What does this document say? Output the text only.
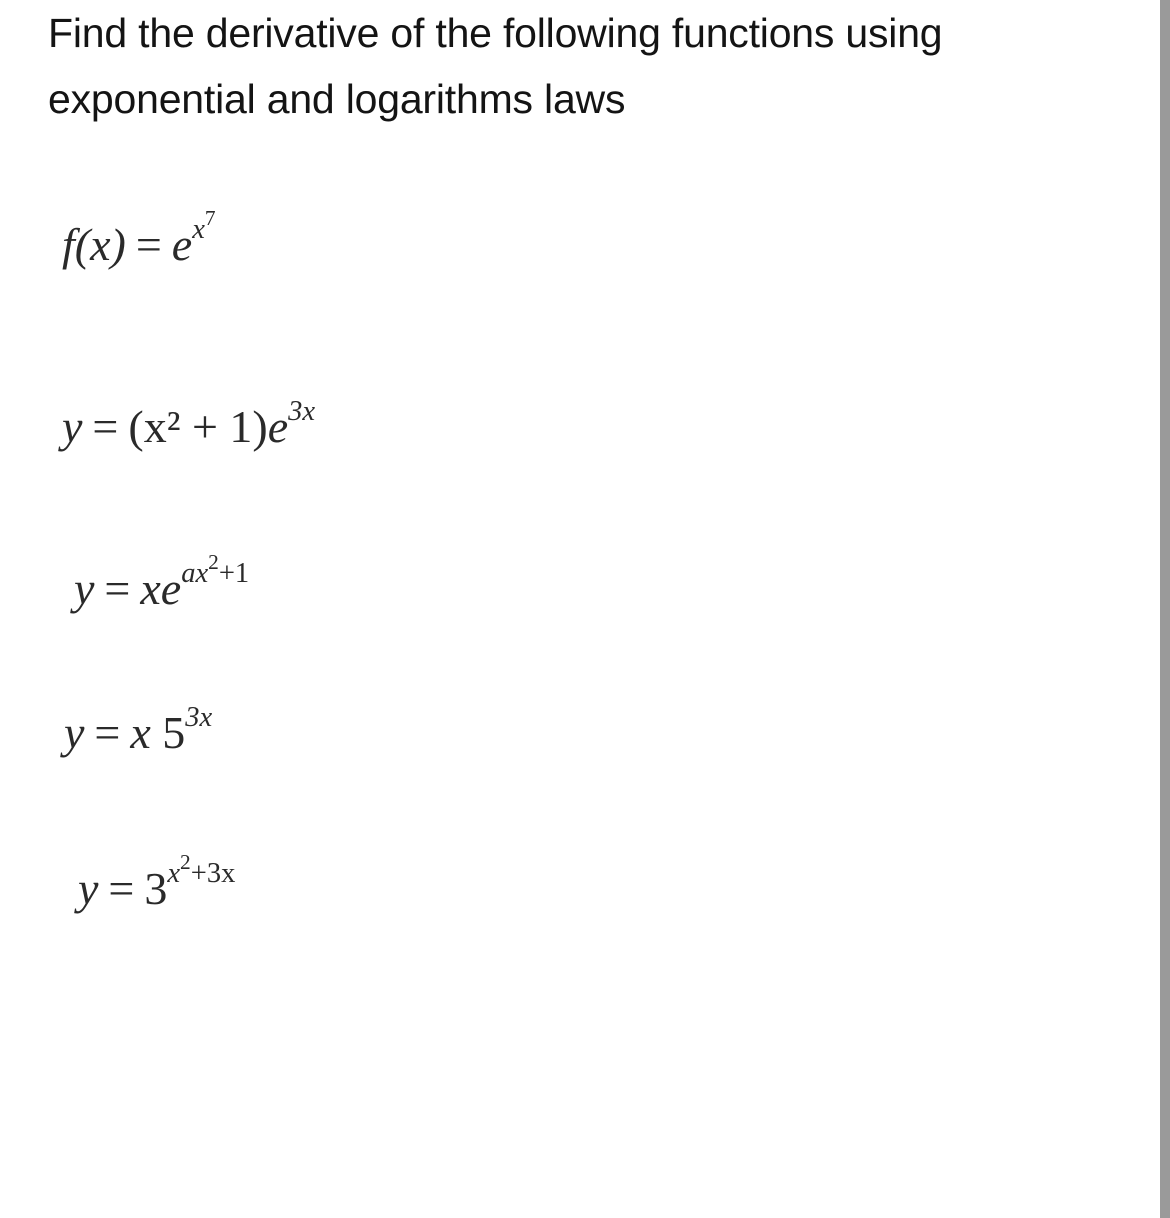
Find the derivative of the following functions using
exponential and logarithms laws
$f(x) = e^{x^7}$
$y = (x^2 + 1)e^{3x}$
$y = xe^{ax^2+1}$
y = x $5^{3x}$
$y = 3^{x^2+3x}$
